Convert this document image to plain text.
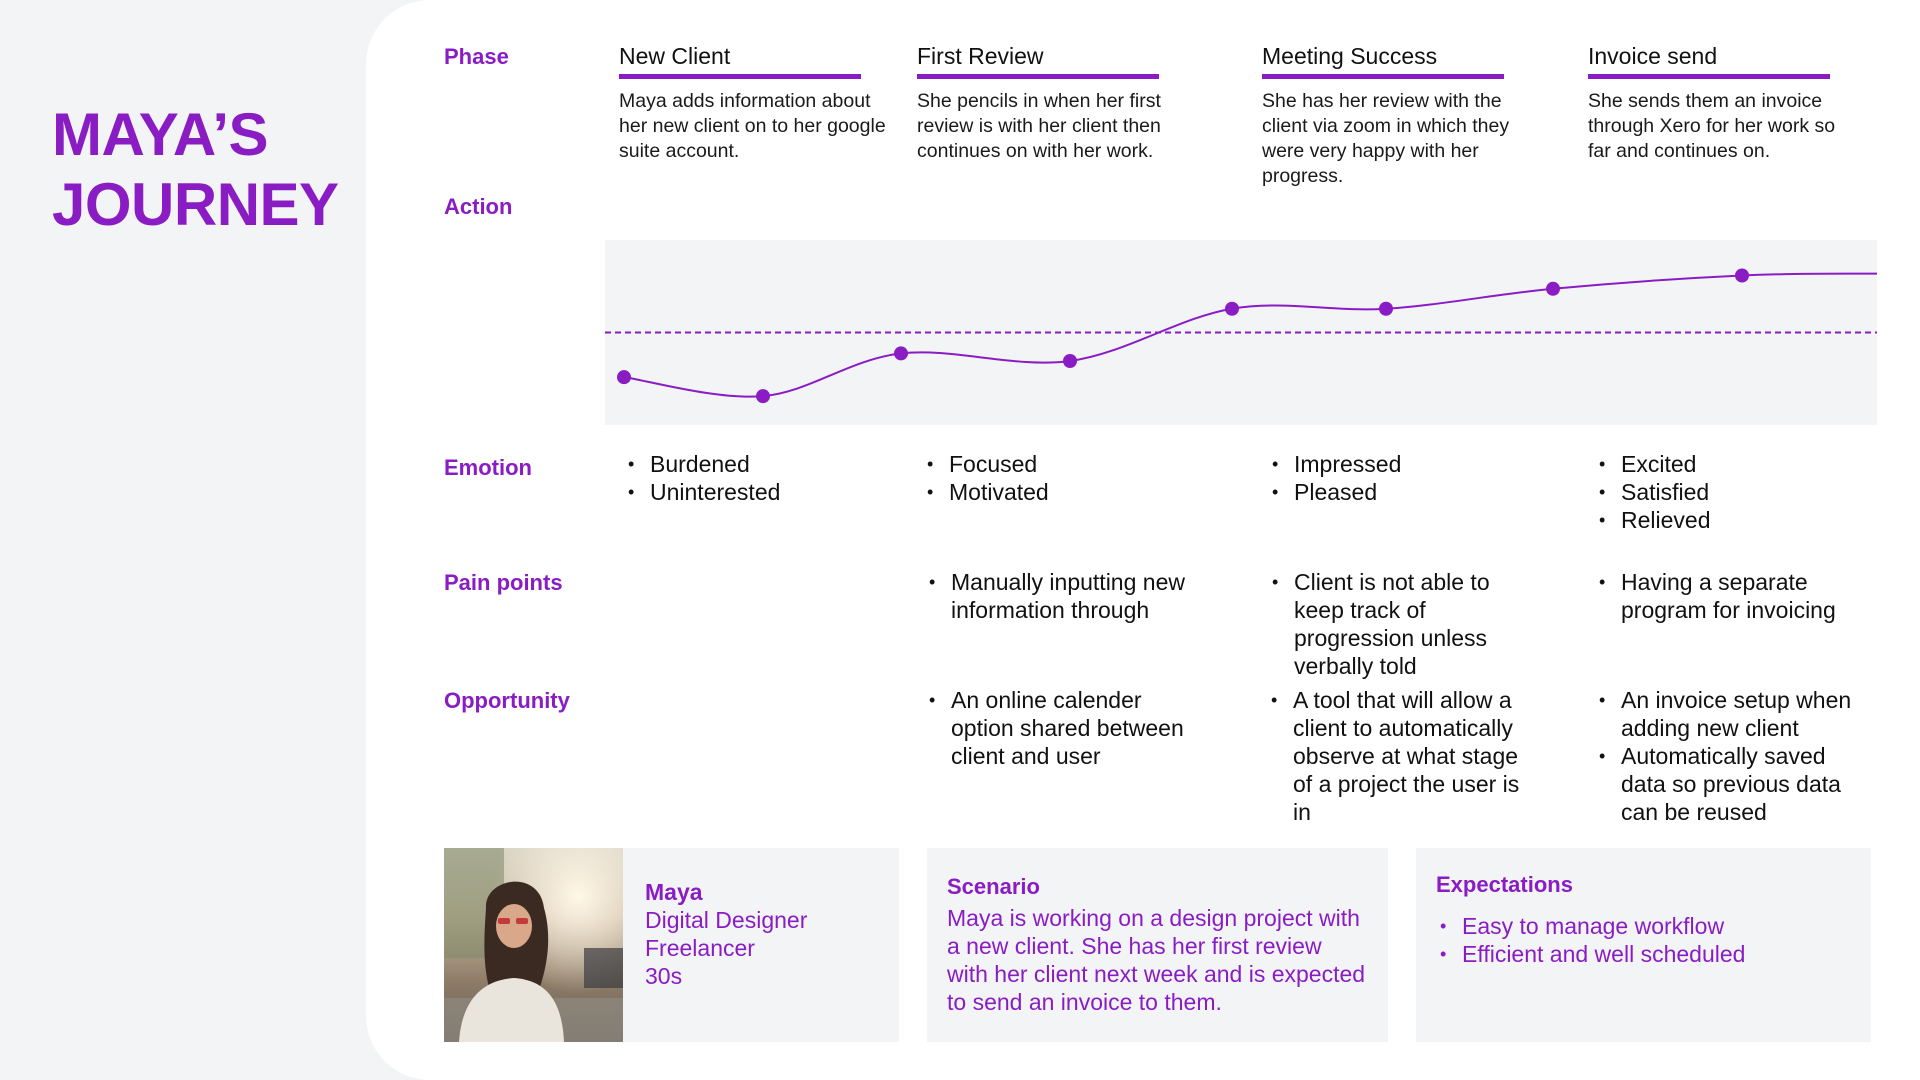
MAYA’S
JOURNEY
Phase
Action
Emotion
Pain points
Opportunity
New Client
Maya adds information about her new client on to her google suite account.
First Review
She pencils in when her first review is with her client then continues on with her work.
Meeting Success
She has her review with the client via zoom in which they were very happy with her progress.
Invoice send
She sends them an invoice through Xero for her work so far and continues on.
• Burdened
• Uninterested
• Focused
• Motivated
• Impressed
• Pleased
• Excited
• Satisfied
• Relieved
• Manually inputting new information through
• Client is not able to keep track of progression unless verbally told
• Having a separate program for invoicing
• An online calender option shared between client and user
• A tool that will allow a client to automatically observe at what stage of a project the user is in
• An invoice setup when adding new client
• Automatically saved data so previous data can be reused
Maya
Digital Designer
Freelancer
30s
Scenario
Maya is working on a design project with a new client. She has her first review with her client next week and is expected to send an invoice to them.
Expectations
• Easy to manage workflow
• Efficient and well scheduled
